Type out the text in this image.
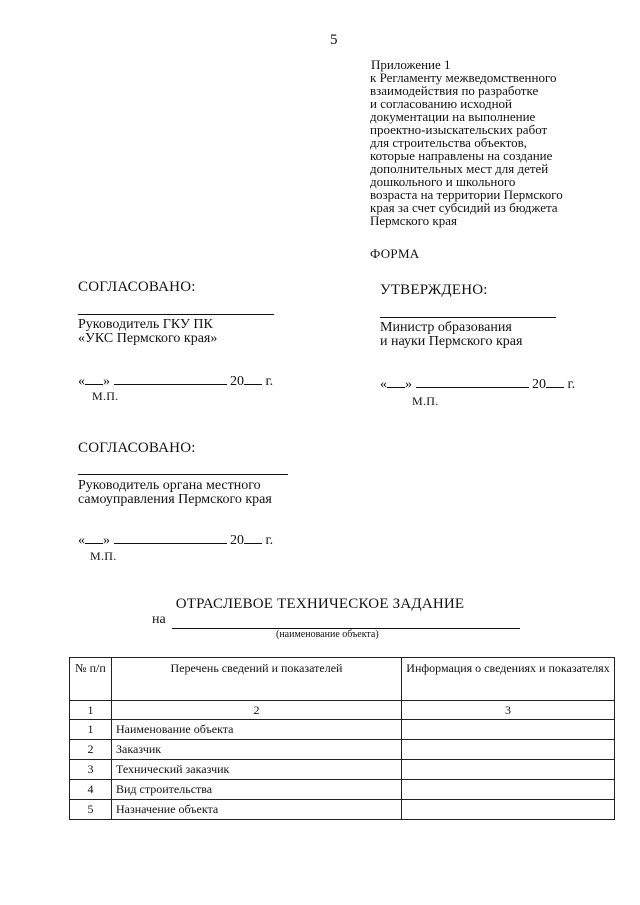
5
Приложение 1
к Регламенту межведомственного
взаимодействия по разработке
и согласованию исходной
документации на выполнение
проектно-изыскательских работ
для строительства объектов,
которые направлены на создание
дополнительных мест для детей
дошкольного и школьного
возраста на территории Пермского
края за счет субсидий из бюджета
Пермского края
ФОРМА
СОГЛАСОВАНО:
Руководитель ГКУ ПК
«УКС Пермского края»
« »	20 г.
М.П.
УТВЕРЖДЕНО:
Министр образования
и науки Пермского края
« »	20 г.
М.П.
СОГЛАСОВАНО:
Руководитель органа местного
самоуправления Пермского края
« »	20 г.
М.П.
ОТРАСЛЕВОЕ ТЕХНИЧЕСКОЕ ЗАДАНИЕ
на
(наименование объекта)
№ п/п	Перечень сведений и показателей	Информация о сведениях и показателях
1	2	3
1	Наименование объекта	
2	Заказчик	
3	Технический заказчик	
4	Вид строительства	
5	Назначение объекта	
